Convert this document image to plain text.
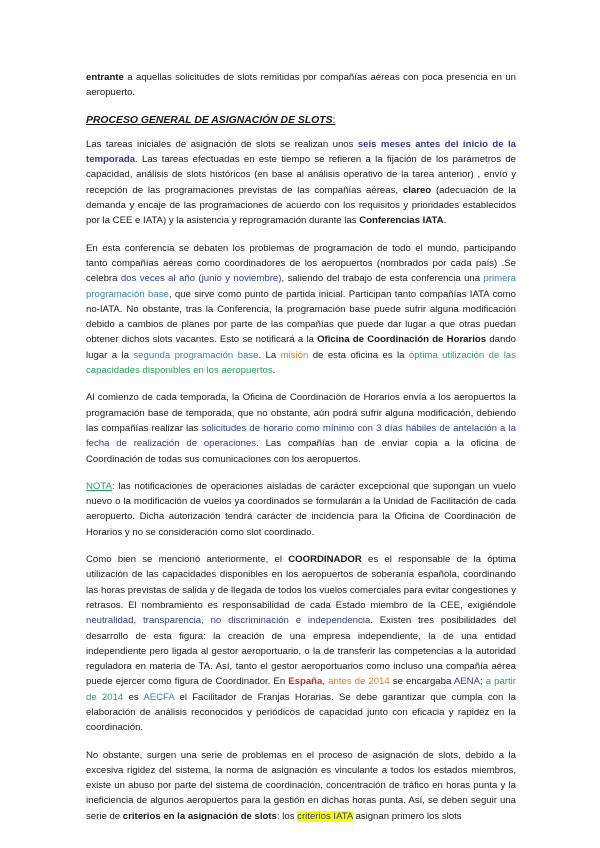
entrante a aquellas solicitudes de slots remitidas por compañías aéreas con poca presencia en un aeropuerto.

PROCESO GENERAL DE ASIGNACIÓN DE SLOTS:

Las tareas iniciales de asignación de slots se realizan unos seis meses antes del inicio de la temporada. Las tareas efectuadas en este tiempo se refieren a la fijación de los parámetros de capacidad, análisis de slots históricos (en base al análisis operativo de la tarea anterior) , envío y recepción de las programaciones previstas de las compañías aéreas, clareo (adecuación de la demanda y encaje de las programaciones de acuerdo con los requisitos y prioridades establecidos por la CEE e IATA) y la asistencia y reprogramación durante las Conferencias IATA.

En esta conferencia se debaten los problemas de programación de todo el mundo, participando tanto compañías aéreas como coordinadores de los aeropuertos (nombrados por cada país) .Se celebra dos veces al año (junio y noviembre), saliendo del trabajo de esta conferencia una primera programación base, que sirve como punto de partida inicial. Participan tanto compañías IATA como no-IATA. No obstante, tras la Conferencia, la programación base puede sufrir alguna modificación debido a cambios de planes por parte de las compañías que puede dar lugar a que otras puedan obtener dichos slots vacantes. Esto se notificará a la Oficina de Coordinación de Horarios dando lugar a la segunda programación base. La misión de esta oficina es la óptima utilización de las capacidades disponibles en los aeropuertos.

Al comienzo de cada temporada, la Oficina de Coordinación de Horarios envía a los aeropuertos la programación base de temporada, que no obstante, aún podrá sufrir alguna modificación, debiendo las compañías realizar las solicitudes de horario como mínimo con 3 días hábiles de antelación a la fecha de realización de operaciones. Las compañías han de enviar copia a la oficina de Coordinación de todas sus comunicaciones con los aeropuertos.

NOTA: las notificaciones de operaciones aisladas de carácter excepcional que supongan un vuelo nuevo o la modificación de vuelos ya coordinados se formularán a la Unidad de Facilitación de cada aeropuerto. Dicha autorización tendrá carácter de incidencia para la Oficina de Coordinación de Horarios y no se consideración como slot coordinado.

Como bien se mencionó anteriormente, el COORDINADOR es el responsable de la óptima utilización de las capacidades disponibles en los aeropuertos de soberanía española, coordinando las horas previstas de salida y de llegada de todos los vuelos comerciales para evitar congestiones y retrasos. El nombramiento es responsabilidad de cada Estado miembro de la CEE, exigiéndole neutralidad, transparencia, no discriminación e independencia. Existen tres posibilidades del desarrollo de esta figura: la creación de una empresa independiente, la de una entidad independiente pero ligada al gestor aeroportuario, o la de transferir las competencias a la autoridad reguladora en materia de TA. Así, tanto el gestor aeroportuarios como incluso una compañía aérea puede ejercer como figura de Coordinador. En España, antes de 2014 se encargaba AENA; a partir de 2014 es AECFA el Facilitador de Franjas Horarias. Se debe garantizar que cumpla con la elaboración de análisis reconocidos y periódicos de capacidad junto con eficacia y rapidez en la coordinación.

No obstante, surgen una serie de problemas en el proceso de asignación de slots, debido a la excesiva rigidez del sistema, la norma de asignación es vinculante a todos los estados miembros, existe un abuso por parte del sistema de coordinación, concentración de tráfico en horas punta y la ineficiencia de algunos aeropuertos para la gestión en dichas horas punta. Así, se deben seguir una serie de criterios en la asignación de slots: los criterios IATA asignan primero los slots
